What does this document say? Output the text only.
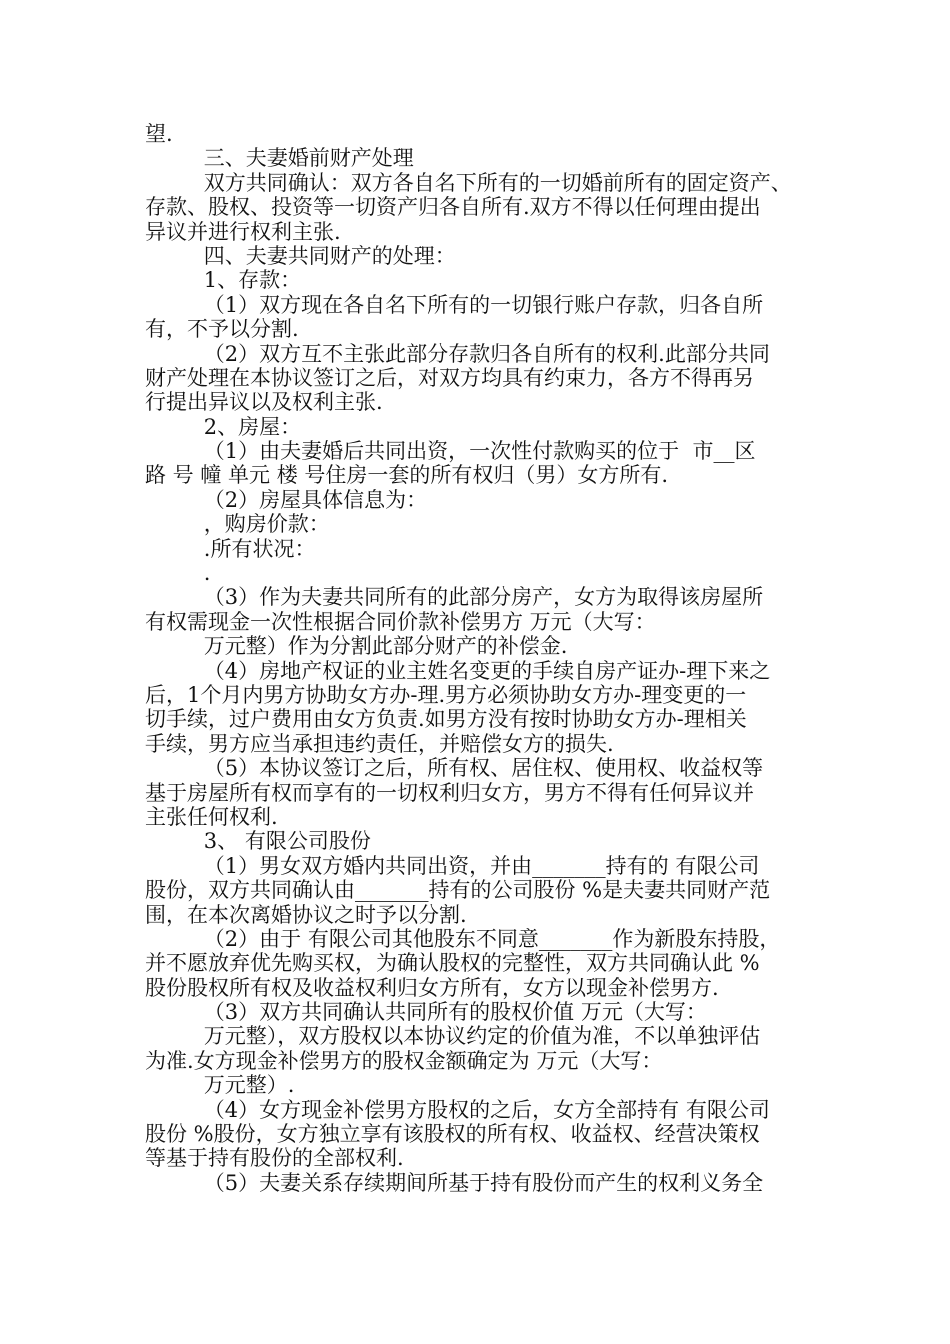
望.
三、夫妻婚前财产处理
双方共同确认：双方各自名下所有的一切婚前所有的固定资产、
存款、股权、投资等一切资产归各自所有.双方不得以任何理由提出
异议并进行权利主张.
四、夫妻共同财产的处理：
1、存款：
（1）双方现在各自名下所有的一切银行账户存款，归各自所
有，不予以分割.
（2）双方互不主张此部分存款归各自所有的权利.此部分共同
财产处理在本协议签订之后，对双方均具有约束力，各方不得再另
行提出异议以及权利主张.
2、房屋：
（1）由夫妻婚后共同出资，一次性付款购买的位于  市__区
路 号 幢 单元 楼 号住房一套的所有权归（男）女方所有.
（2）房屋具体信息为：
，购房价款：
.所有状况：
.
（3）作为夫妻共同所有的此部分房产，女方为取得该房屋所
有权需现金一次性根据合同价款补偿男方 万元（大写：
万元整）作为分割此部分财产的补偿金.
（4）房地产权证的业主姓名变更的手续自房产证办-理下来之
后，1个月内男方协助女方办-理.男方必须协助女方办-理变更的一
切手续，过户费用由女方负责.如男方没有按时协助女方办-理相关
手续，男方应当承担违约责任，并赔偿女方的损失.
（5）本协议签订之后，所有权、居住权、使用权、收益权等
基于房屋所有权而享有的一切权利归女方，男方不得有任何异议并
主张任何权利.
3、 有限公司股份
（1）男女双方婚内共同出资，并由_______持有的 有限公司
股份，双方共同确认由_______持有的公司股份 %是夫妻共同财产范
围，在本次离婚协议之时予以分割.
（2）由于 有限公司其他股东不同意_______作为新股东持股，
并不愿放弃优先购买权，为确认股权的完整性，双方共同确认此 %
股份股权所有权及收益权利归女方所有，女方以现金补偿男方.
（3）双方共同确认共同所有的股权价值 万元（大写：
万元整），双方股权以本协议约定的价值为准，不以单独评估
为准.女方现金补偿男方的股权金额确定为 万元（大写：
万元整）.
（4）女方现金补偿男方股权的之后，女方全部持有 有限公司
股份 %股份，女方独立享有该股权的所有权、收益权、经营决策权
等基于持有股份的全部权利.
（5）夫妻关系存续期间所基于持有股份而产生的权利义务全
